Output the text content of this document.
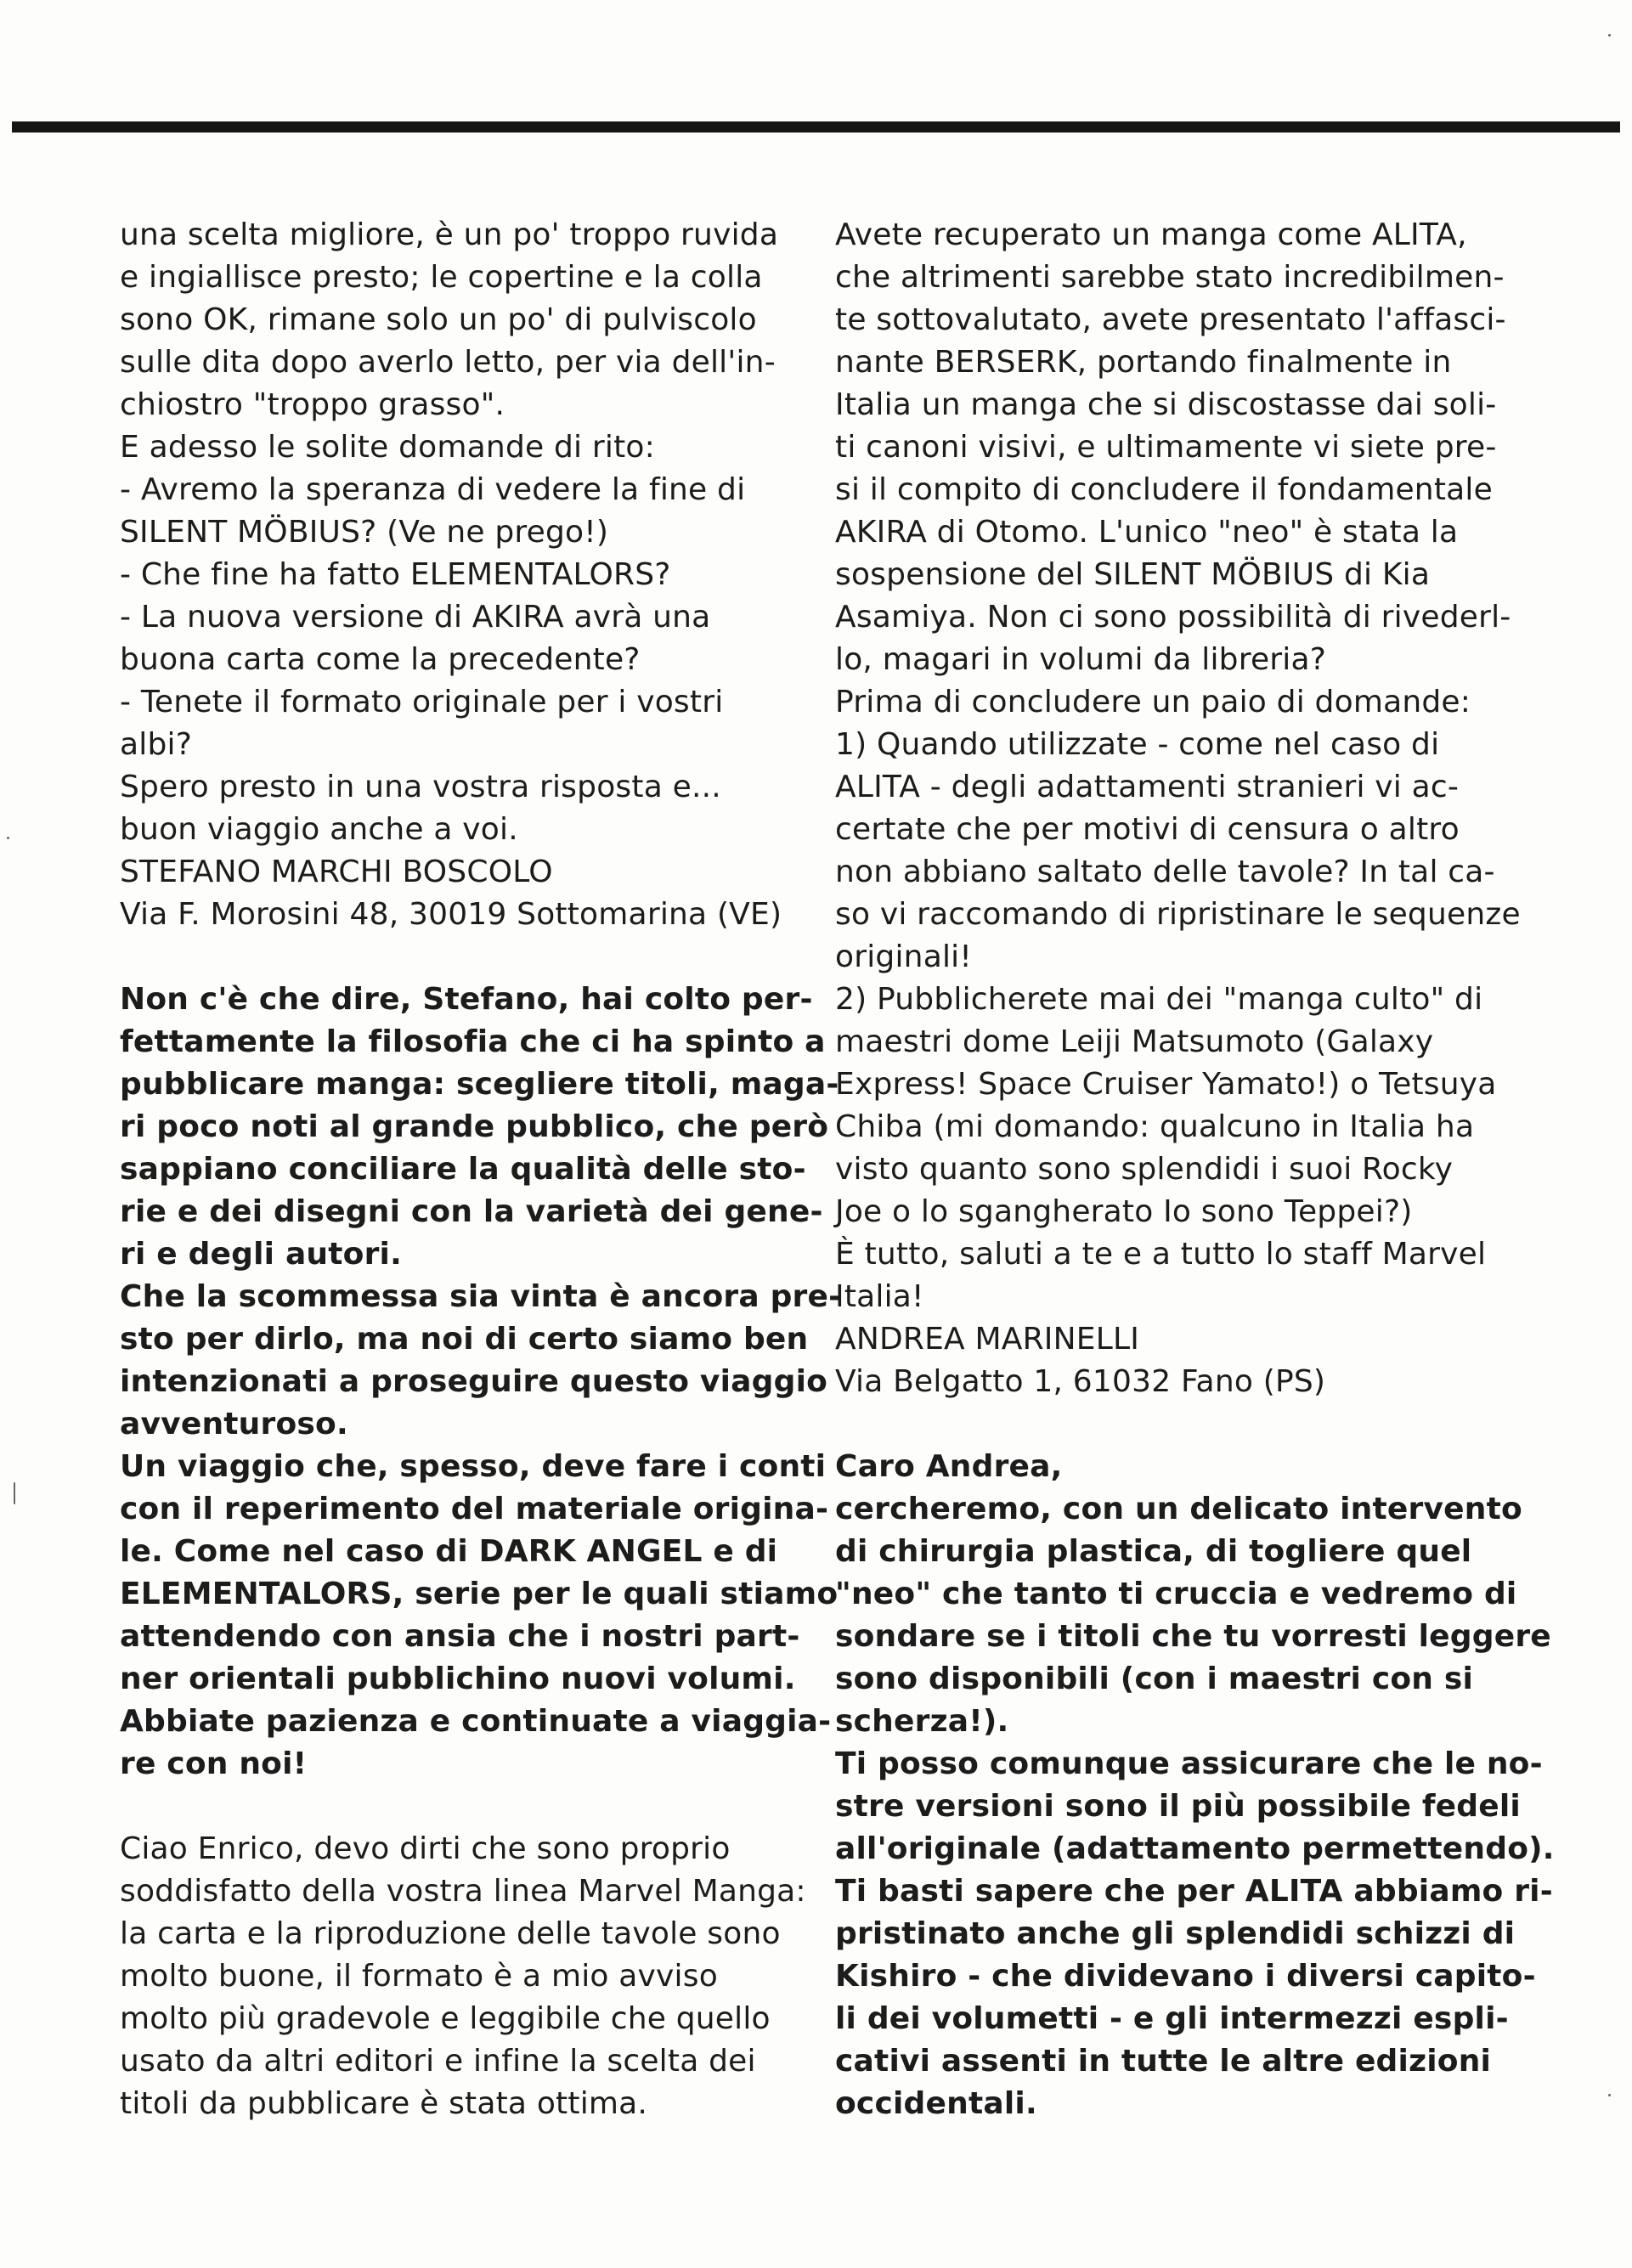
una scelta migliore, è un po' troppo ruvida
e ingiallisce presto; le copertine e la colla
sono OK, rimane solo un po' di pulviscolo
sulle dita dopo averlo letto, per via dell'in-
chiostro "troppo grasso".
E adesso le solite domande di rito:
- Avremo la speranza di vedere la fine di
SILENT MÖBIUS? (Ve ne prego!)
- Che fine ha fatto ELEMENTALORS?
- La nuova versione di AKIRA avrà una
buona carta come la precedente?
- Tenete il formato originale per i vostri
albi?
Spero presto in una vostra risposta e...
buon viaggio anche a voi.
STEFANO MARCHI BOSCOLO
Via F. Morosini 48, 30019 Sottomarina (VE)
Non c'è che dire, Stefano, hai colto per-
fettamente la filosofia che ci ha spinto a
pubblicare manga: scegliere titoli, maga-
ri poco noti al grande pubblico, che però
sappiano conciliare la qualità delle sto-
rie e dei disegni con la varietà dei gene-
ri e degli autori.
Che la scommessa sia vinta è ancora pre-
sto per dirlo, ma noi di certo siamo ben
intenzionati a proseguire questo viaggio
avventuroso.
Un viaggio che, spesso, deve fare i conti
con il reperimento del materiale origina-
le. Come nel caso di DARK ANGEL e di
ELEMENTALORS, serie per le quali stiamo
attendendo con ansia che i nostri part-
ner orientali pubblichino nuovi volumi.
Abbiate pazienza e continuate a viaggia-
re con noi!
Ciao Enrico, devo dirti che sono proprio
soddisfatto della vostra linea Marvel Manga:
la carta e la riproduzione delle tavole sono
molto buone, il formato è a mio avviso
molto più gradevole e leggibile che quello
usato da altri editori e infine la scelta dei
titoli da pubblicare è stata ottima.
Avete recuperato un manga come ALITA,
che altrimenti sarebbe stato incredibilmen-
te sottovalutato, avete presentato l'affasci-
nante BERSERK, portando finalmente in
Italia un manga che si discostasse dai soli-
ti canoni visivi, e ultimamente vi siete pre-
si il compito di concludere il fondamentale
AKIRA di Otomo. L'unico "neo" è stata la
sospensione del SILENT MÖBIUS di Kia
Asamiya. Non ci sono possibilità di rivederl-
lo, magari in volumi da libreria?
Prima di concludere un paio di domande:
1) Quando utilizzate - come nel caso di
ALITA - degli adattamenti stranieri vi ac-
certate che per motivi di censura o altro
non abbiano saltato delle tavole? In tal ca-
so vi raccomando di ripristinare le sequenze
originali!
2) Pubblicherete mai dei "manga culto" di
maestri dome Leiji Matsumoto (Galaxy
Express! Space Cruiser Yamato!) o Tetsuya
Chiba (mi domando: qualcuno in Italia ha
visto quanto sono splendidi i suoi Rocky
Joe o lo sgangherato Io sono Teppei?)
È tutto, saluti a te e a tutto lo staff Marvel
Italia!
ANDREA MARINELLI
Via Belgatto 1, 61032 Fano (PS)
Caro Andrea,
cercheremo, con un delicato intervento
di chirurgia plastica, di togliere quel
"neo" che tanto ti cruccia e vedremo di
sondare se i titoli che tu vorresti leggere
sono disponibili (con i maestri con si
scherza!).
Ti posso comunque assicurare che le no-
stre versioni sono il più possibile fedeli
all'originale (adattamento permettendo).
Ti basti sapere che per ALITA abbiamo ri-
pristinato anche gli splendidi schizzi di
Kishiro - che dividevano i diversi capito-
li dei volumetti - e gli intermezzi espli-
cativi assenti in tutte le altre edizioni
occidentali.
